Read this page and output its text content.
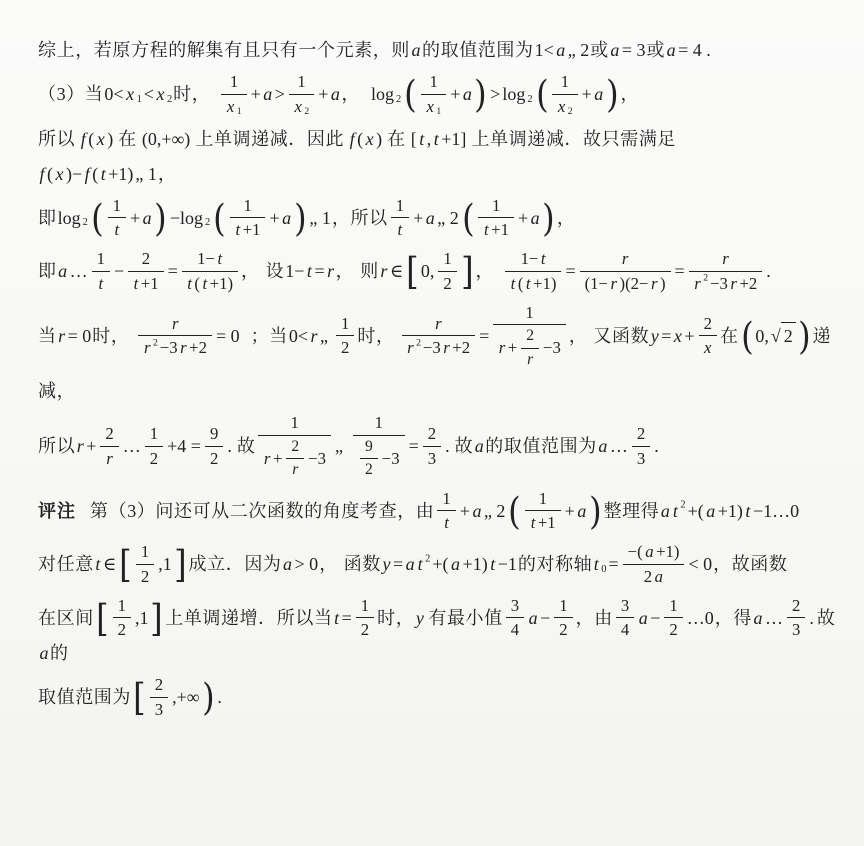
综上，若原方程的解集有且只有一个元素，则 a 的取值范围为 1< a „ 2 或 a = 3 或 a = 4 .
（3）当 0< x 1 < x 2 时， $\frac{1}{x 1} + a > \frac{1}{x 2} + a$ ， log 2 ( $\frac{1}{x 1} + a$ ) > log 2 ( $\frac{1}{x 2} + a$ ) ，
所以 f ( x ) 在 (0,+∞) 上单调递减．因此 f ( x ) 在 [ t , t +1] 上单调递减．故只需满足
f ( x )− f ( t +1) „ 1 ，
即 log 2 ( $\frac{1}{t} + a$ ) −log 2 ( $\frac{1}{t +1} + a$ ) „ 1 ，所以 $\frac{1}{t} + a$ „ 2 ( $\frac{1}{t +1} + a$ ) ，
即 a … $\frac{1}{t} - \frac{2}{t +1} = \frac{1- t}{t ( t +1)}$ ， 设 1− t = r ， 则 r ∈ [ 0, $\frac{1}{2}$ ] ， $\frac{1- t}{t ( t +1)} = \frac{r}{(1- r )(2- r )} = \frac{r}{r 2 -3 r +2}$ .
当 r = 0 时， $\frac{r}{r 2 -3 r +2} = 0$ ；当 0< r „ $\frac{1}{2}$ 时， $\frac{r}{r 2 -3 r +2} = \frac{1}{r + \frac{2}{r} -3}$ ， 又函数 $y = x + \frac{2}{x}$ 在 ( 0, √ 2 ) 递
减，
所以 $r + \frac{2}{r}$ … $\frac{1}{2} +4 = \frac{9}{2}$ . 故 $\frac{1}{r + \frac{2}{r} -3}$ „ $\frac{1}{\frac{9}{2} -3} = \frac{2}{3}$ . 故 a 的取值范围为 a … $\frac{2}{3}$ .
评注 第（3）问还可从二次函数的角度考查，由 $\frac{1}{t} + a$ „ 2 ( $\frac{1}{t +1} + a$ ) 整理得 a t 2 +( a +1) t −1…0
对任意 t ∈ [ $\frac{1}{2} ,1$ ] 成立．因为 a > 0 ， 函数 y = a t 2 +( a +1) t −1 的对称轴 t $0 = \frac{-( a +1)}{2 a} < 0$ ，故函数
在区间 [ $\frac{1}{2} ,1$ ] 上单调递增．所以当 $t = \frac{1}{2}$ 时， y 有最小值 $\frac{3}{4}$ $a - \frac{1}{2}$ ，由 $\frac{3}{4}$ $a - \frac{1}{2}$ …0 ，得 a … $\frac{2}{3}$ . 故
a 的
取值范围为 [ $\frac{2}{3}$ ,+∞ ) .
